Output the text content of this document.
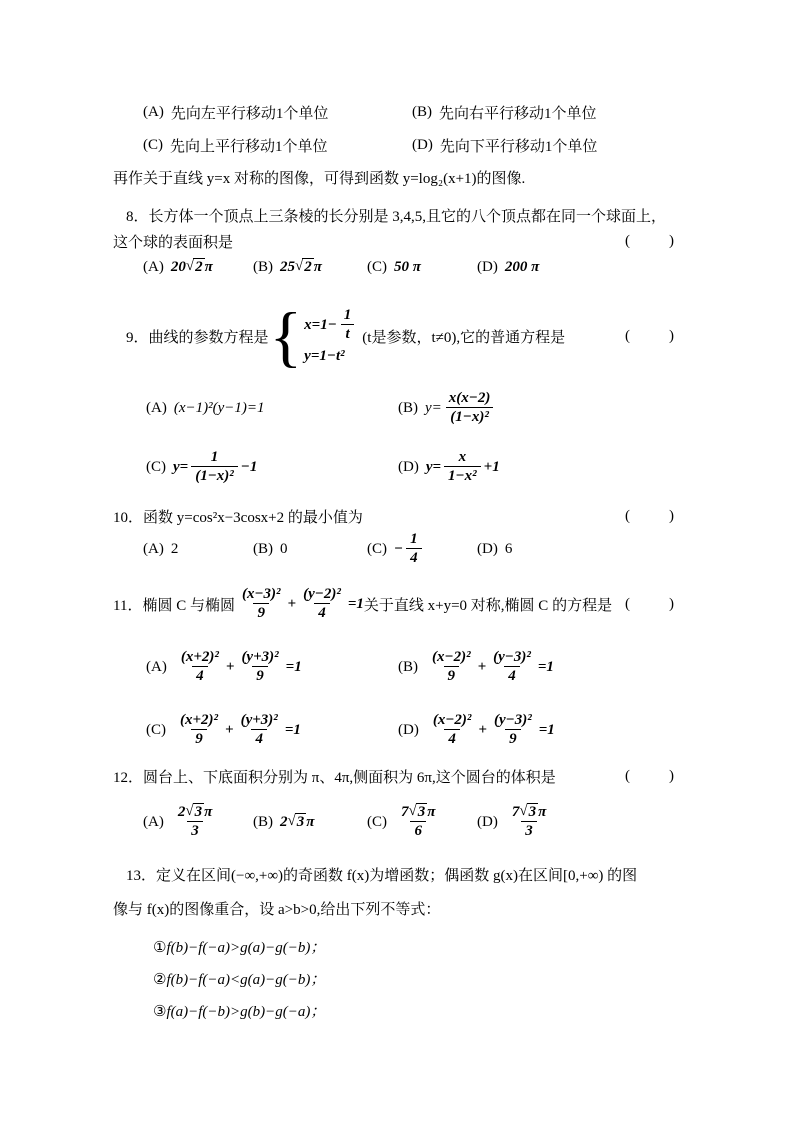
(A) 先向左平行移动1个单位	(B) 先向右平行移动1个单位
(C) 先向上平行移动1个单位	(D) 先向下平行移动1个单位
再作关于直线 y=x 对称的图像，可得到函数 y=log₂(x+1)的图像.
8．长方体一个顶点上三条棱的长分别是 3,4,5,且它的八个顶点都在同一个球面上，
这个球的表面积是	(        )
(A) 20 √ 2 π	(B) 25 √ 2 π	(C) 50 π	(D) 200 π
9．曲线的参数方程是 { $x=1- \frac{1}{t}$
y=1−t²
(t是参数，t≠0),它的普通方程是	(        )
(A) (x−1)²(y−1)=1	(B) $y= \frac{x(x-2)}{\text{(1−x)²}}$
(C) $y= \frac{1}{\text{(1−x)²}} -1$	(D) $y= \frac{x}{\text{1−x²}} +1$
10．函数 y=cos²x−3cosx+2 的最小值为	(        )
(A) 2	(B) 0	$(C) - \frac{1}{4}$	(D) 6
11．椭圆 C 与椭圆 $\frac{\text{(x−3)²}}{9} + \frac{\text{(y−2)²}}{4} =1$ 关于直线 x+y=0 对称,椭圆 C 的方程是 (        )
$(A) \frac{\text{(x+2)²}}{4} + \frac{\text{(y+3)²}}{9} =1$	$(B) \frac{\text{(x−2)²}}{9} + \frac{\text{(y−3)²}}{4} =1$
$(C) \frac{\text{(x+2)²}}{9} + \frac{\text{(y+3)²}}{4} =1$	$(D) \frac{\text{(x−2)²}}{4} + \frac{\text{(y−3)²}}{9} =1$
12．圆台上、下底面积分别为 π、4π,侧面积为 6π,这个圆台的体积是	(        )
$(A) \frac{2 √ 3 \pi}{3} (B)$ 2 √ 3 π	$(C) \frac{7 √ 3 \pi}{6}$	$(D) \frac{7 √ 3 \pi}{3}$
13．定义在区间(−∞,+∞)的奇函数 f(x)为增函数；偶函数 g(x)在区间[0,+∞) 的图
像与 f(x)的图像重合，设 a>b>0,给出下列不等式：
①f(b)−f(−a)>g(a)−g(−b)；
②f(b)−f(−a)<g(a)−g(−b)；
③f(a)−f(−b)>g(b)−g(−a)；
